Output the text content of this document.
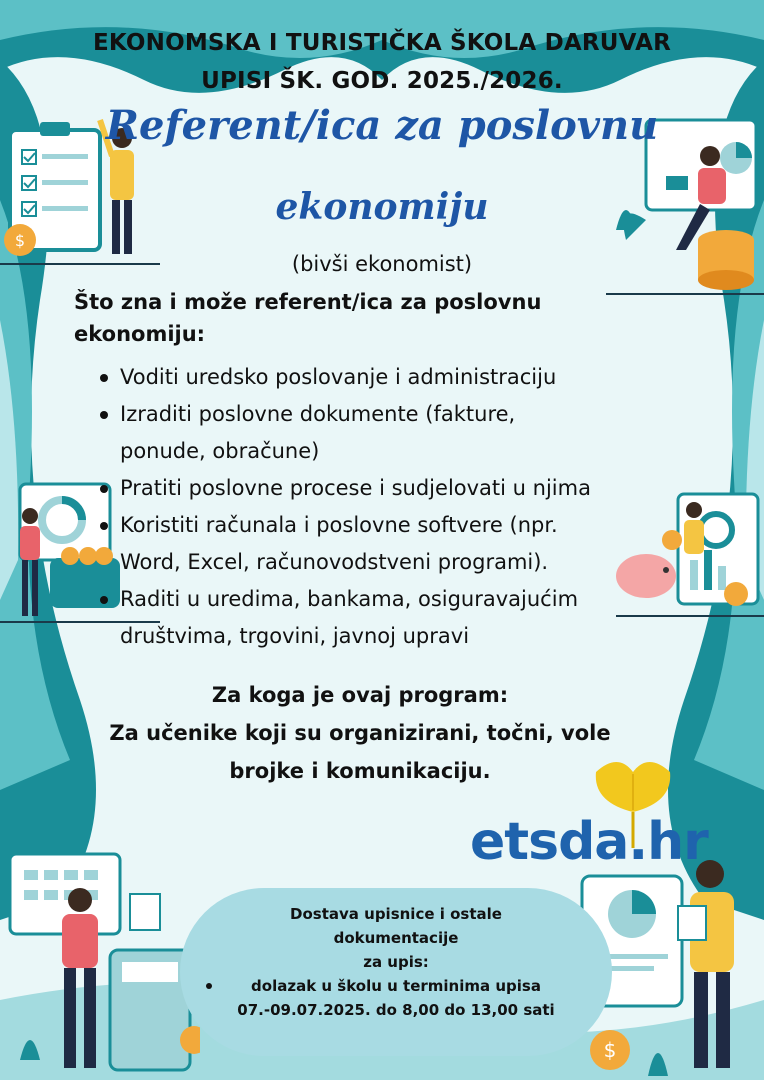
$
$
EKONOMSKA I TURISTIČKA ŠKOLA DARUVAR
UPISI ŠK. GOD. 2025./2026.
Referent/ica za poslovnu
ekonomiju
(bivši ekonomist)
Što zna i može referent/ica za poslovnu
ekonomiju:
Voditi uredsko poslovanje i administraciju
Izraditi poslovne dokumente (fakture,
ponude, obračune)
Pratiti poslovne procese i sudjelovati u njima
Koristiti računala i poslovne softvere (npr.
Word, Excel, računovodstveni programi).
Raditi u uredima, bankama, osiguravajućim
društvima, trgovini, javnoj upravi
Za koga je ovaj program:
Za učenike koji su organizirani, točni, vole
brojke i komunikaciju.
etsda.hr
Dostava upisnice i ostale
dokumentacije
za upis:
dolazak u školu u terminima upisa
07.-09.07.2025. do 8,00 do 13,00 sati
